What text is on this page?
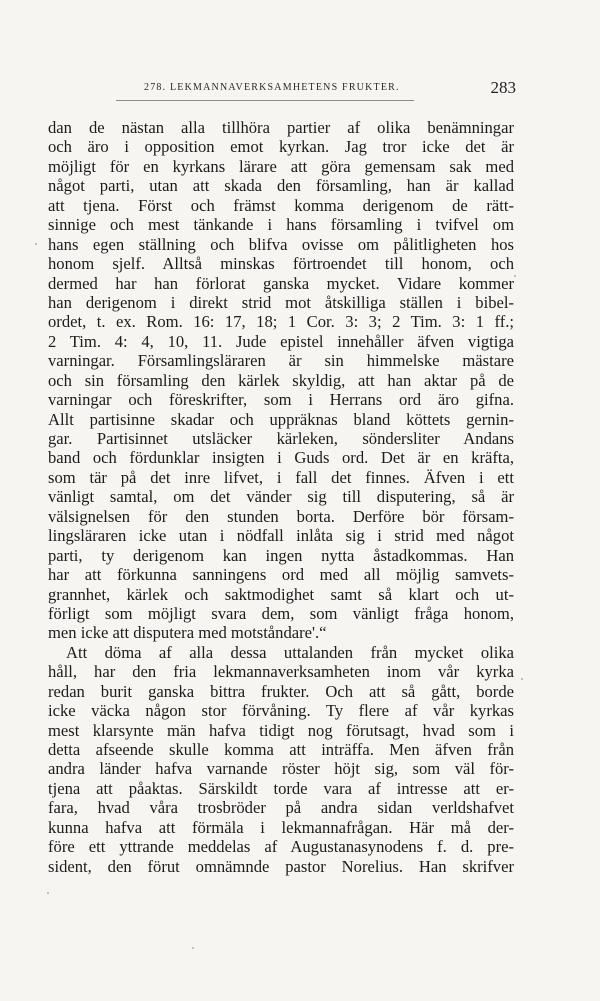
278. LEKMANNAVERKSAMHETENS FRUKTER.	283
dan de nästan alla tillhöra partier af olika benämningar
och äro i opposition emot kyrkan. Jag tror icke det är
möjligt för en kyrkans lärare att göra gemensam sak med
något parti, utan att skada den församling, han är kallad
att tjena. Först och främst komma derigenom de rätt-
sinnige och mest tänkande i hans församling i tvifvel om
hans egen ställning och blifva ovisse om pålitligheten hos
honom sjelf. Alltså minskas förtroendet till honom, och
dermed har han förlorat ganska mycket. Vidare kommer
han derigenom i direkt strid mot åtskilliga ställen i bibel-
ordet, t. ex. Rom. 16: 17, 18; 1 Cor. 3: 3; 2 Tim. 3: 1 ff.;
2 Tim. 4: 4, 10, 11. Jude epistel innehåller äfven vigtiga
varningar. Församlingsläraren är sin himmelske mästare
och sin församling den kärlek skyldig, att han aktar på de
varningar och föreskrifter, som i Herrans ord äro gifna.
Allt partisinne skadar och uppräknas bland köttets gernin-
gar. Partisinnet utsläcker kärleken, söndersliter Andans
band och fördunklar insigten i Guds ord. Det är en kräfta,
som tär på det inre lifvet, i fall det finnes. Äfven i ett
vänligt samtal, om det vänder sig till disputering, så är
välsignelsen för den stunden borta. Derföre bör försam-
lingsläraren icke utan i nödfall inlåta sig i strid med något
parti, ty derigenom kan ingen nytta åstadkommas. Han
har att förkunna sanningens ord med all möjlig samvets-
grannhet, kärlek och saktmodighet samt så klart och ut-
förligt som möjligt svara dem, som vänligt fråga honom,
men icke att disputera med motståndare'.“
Att döma af alla dessa uttalanden från mycket olika
håll, har den fria lekmannaverksamheten inom vår kyrka
redan burit ganska bittra frukter. Och att så gått, borde
icke väcka någon stor förvåning. Ty flere af vår kyrkas
mest klarsynte män hafva tidigt nog förutsagt, hvad som i
detta afseende skulle komma att inträffa. Men äfven från
andra länder hafva varnande röster höjt sig, som väl för-
tjena att påaktas. Särskildt torde vara af intresse att er-
fara, hvad våra trosbröder på andra sidan verldshafvet
kunna hafva att förmäla i lekmannafrågan. Här må der-
före ett yttrande meddelas af Augustanasynodens f. d. pre-
sident, den förut omnämnde pastor Norelius. Han skrifver
